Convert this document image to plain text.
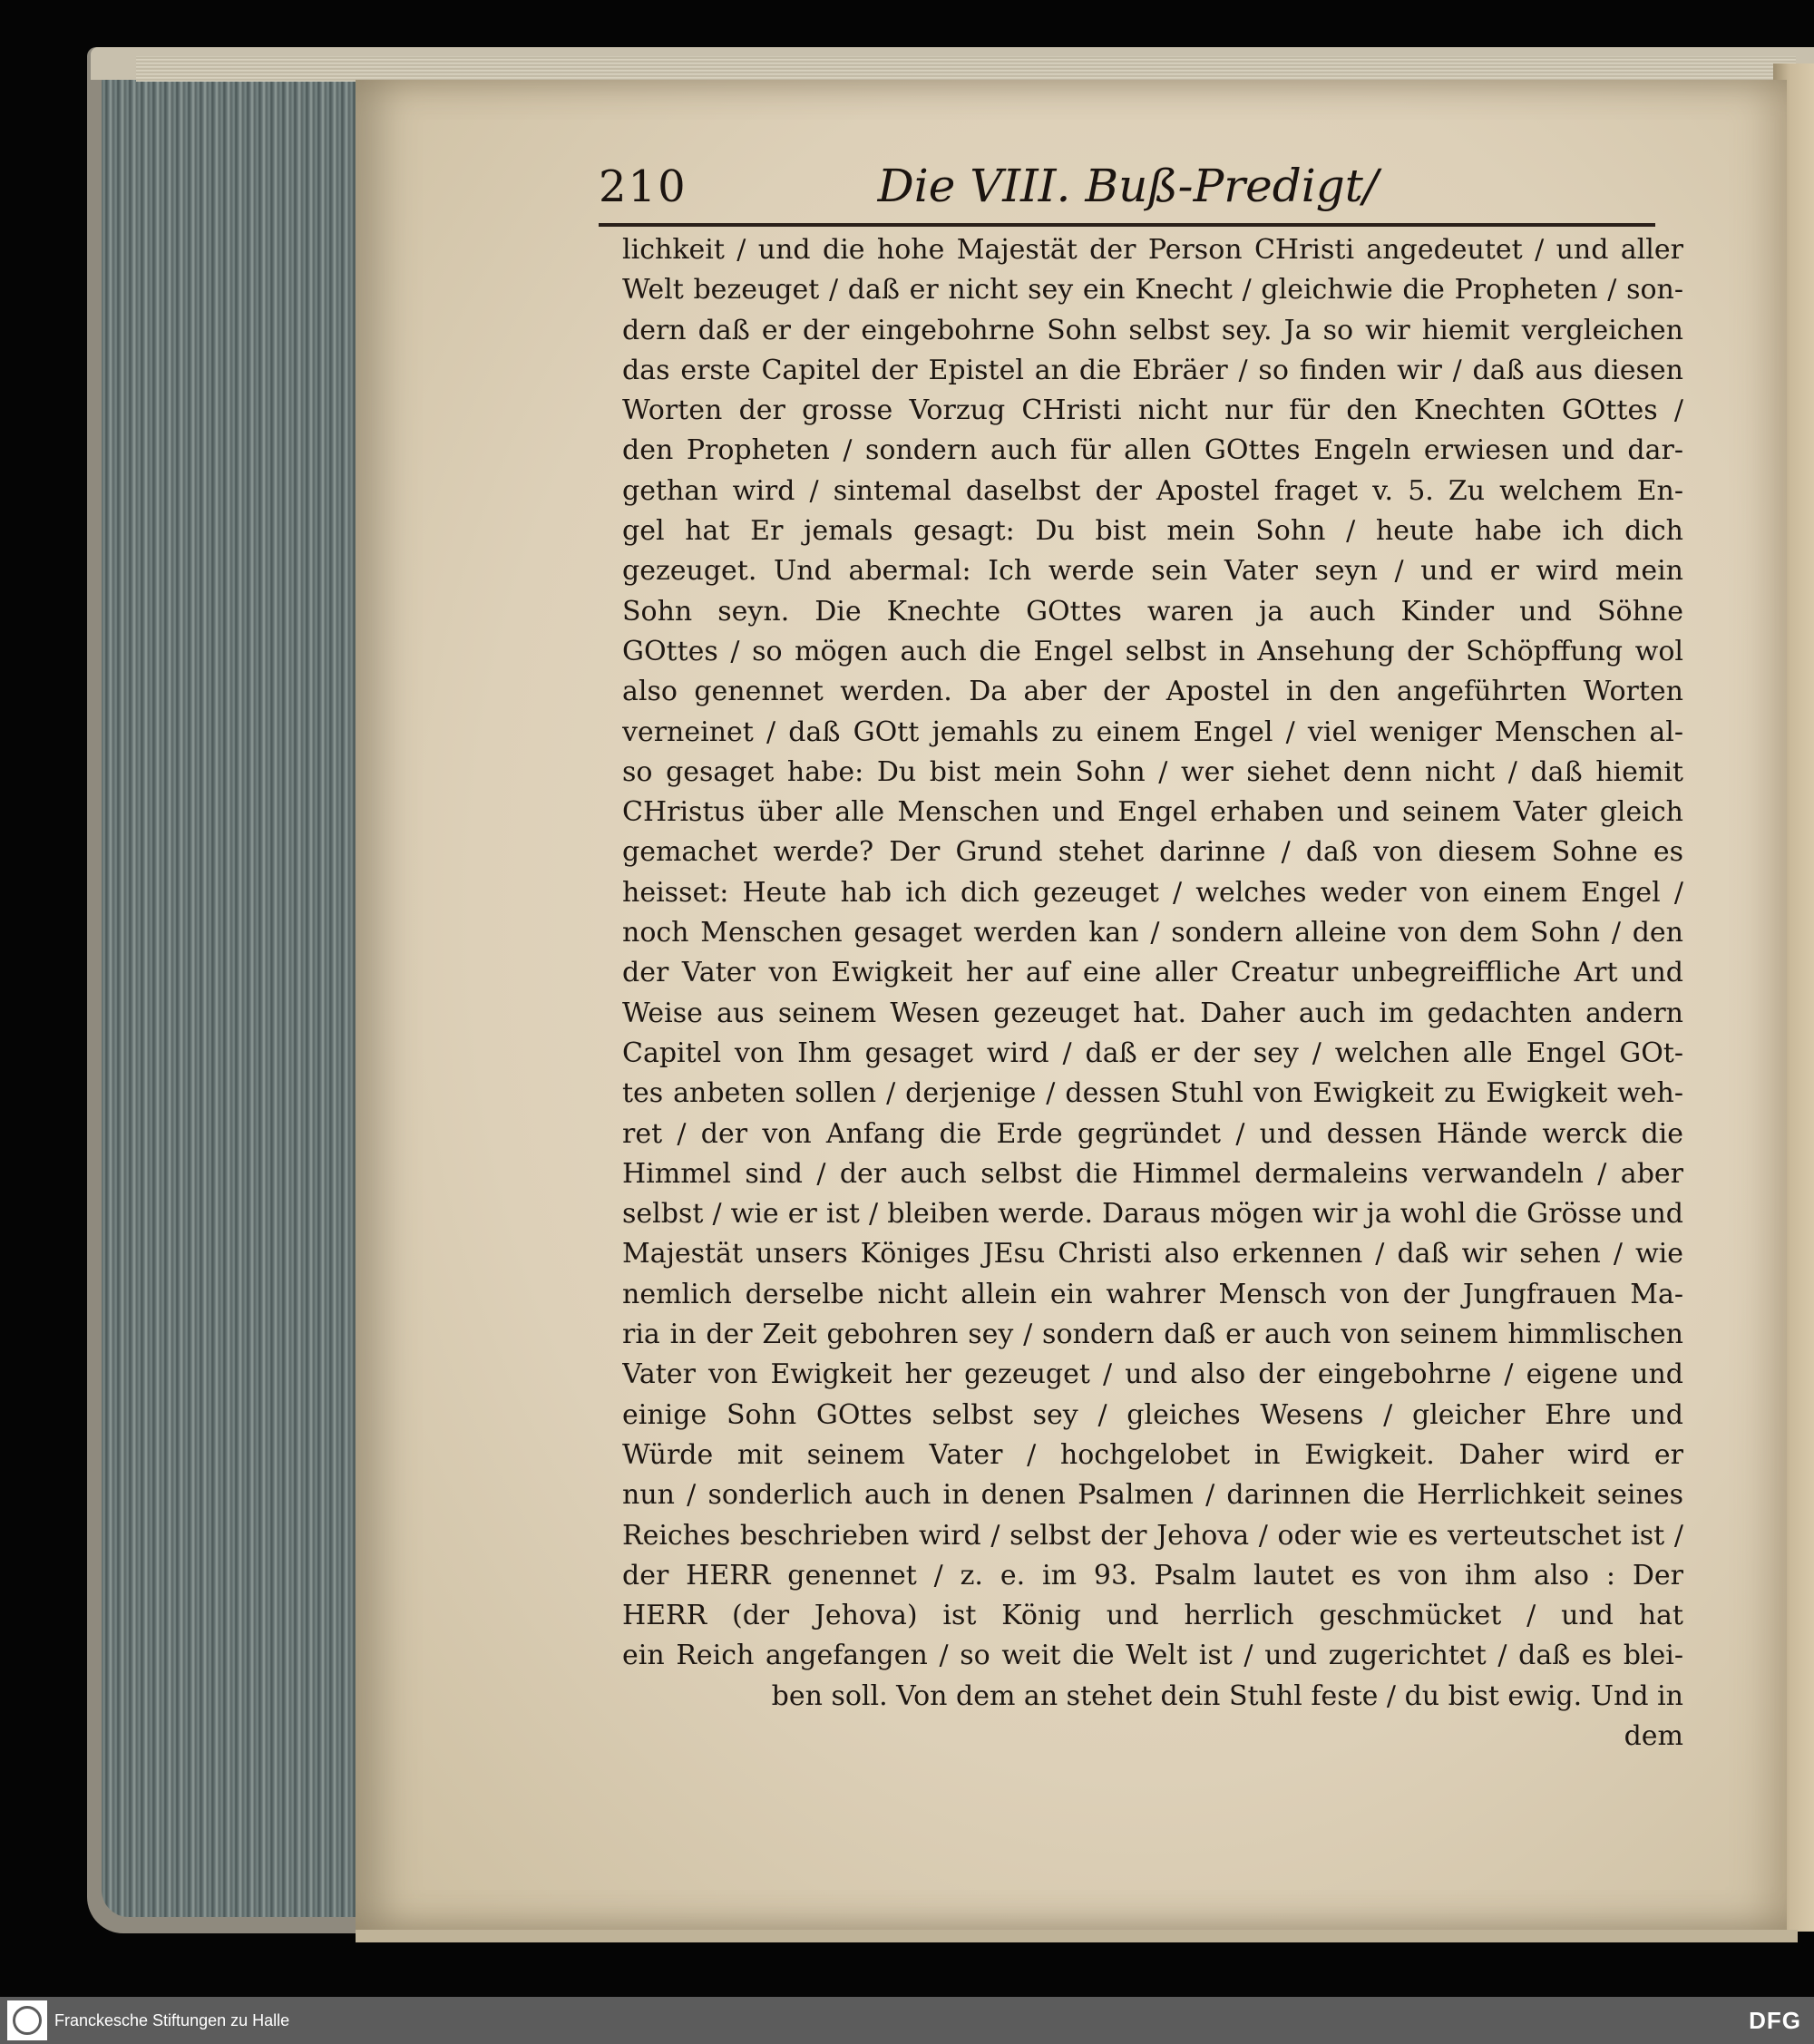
210	Die VIII. Buß-Predigt/
lichkeit / und die hohe Majestät der Person CHristi angedeutet / und aller
Welt bezeuget / daß er nicht sey ein Knecht / gleichwie die Propheten / son-
dern daß er der eingebohrne Sohn selbst sey. Ja so wir hiemit vergleichen
das erste Capitel der Epistel an die Ebräer / so finden wir / daß aus diesen
Worten der grosse Vorzug CHristi nicht nur für den Knechten GOttes /
den Propheten / sondern auch für allen GOttes Engeln erwiesen und dar-
gethan wird / sintemal daselbst der Apostel fraget v. 5. Zu welchem En-
gel hat Er jemals gesagt: Du bist mein Sohn / heute habe ich dich
gezeuget. Und abermal: Ich werde sein Vater seyn / und er wird mein
Sohn seyn. Die Knechte GOttes waren ja auch Kinder und Söhne
GOttes / so mögen auch die Engel selbst in Ansehung der Schöpffung wol
also genennet werden. Da aber der Apostel in den angeführten Worten
verneinet / daß GOtt jemahls zu einem Engel / viel weniger Menschen al-
so gesaget habe: Du bist mein Sohn / wer siehet denn nicht / daß hiemit
CHristus über alle Menschen und Engel erhaben und seinem Vater gleich
gemachet werde? Der Grund stehet darinne / daß von diesem Sohne es
heisset: Heute hab ich dich gezeuget / welches weder von einem Engel /
noch Menschen gesaget werden kan / sondern alleine von dem Sohn / den
der Vater von Ewigkeit her auf eine aller Creatur unbegreiffliche Art und
Weise aus seinem Wesen gezeuget hat. Daher auch im gedachten andern
Capitel von Ihm gesaget wird / daß er der sey / welchen alle Engel GOt-
tes anbeten sollen / derjenige / dessen Stuhl von Ewigkeit zu Ewigkeit weh-
ret / der von Anfang die Erde gegründet / und dessen Hände werck die
Himmel sind / der auch selbst die Himmel dermaleins verwandeln / aber
selbst / wie er ist / bleiben werde. Daraus mögen wir ja wohl die Grösse und
Majestät unsers Königes JEsu Christi also erkennen / daß wir sehen / wie
nemlich derselbe nicht allein ein wahrer Mensch von der Jungfrauen Ma-
ria in der Zeit gebohren sey / sondern daß er auch von seinem himmlischen
Vater von Ewigkeit her gezeuget / und also der eingebohrne / eigene und
einige Sohn GOttes selbst sey / gleiches Wesens / gleicher Ehre und
Würde mit seinem Vater / hochgelobet in Ewigkeit. Daher wird er
nun / sonderlich auch in denen Psalmen / darinnen die Herrlichkeit seines
Reiches beschrieben wird / selbst der Jehova / oder wie es verteutschet ist /
der HERR genennet / z. e. im 93. Psalm lautet es von ihm also : Der
HERR (der Jehova) ist König und herrlich geschmücket / und hat
ein Reich angefangen / so weit die Welt ist / und zugerichtet / daß es blei-
ben soll. Von dem an stehet dein Stuhl feste / du bist ewig. Und in
dem
Franckesche Stiftungen zu Halle	DFG
